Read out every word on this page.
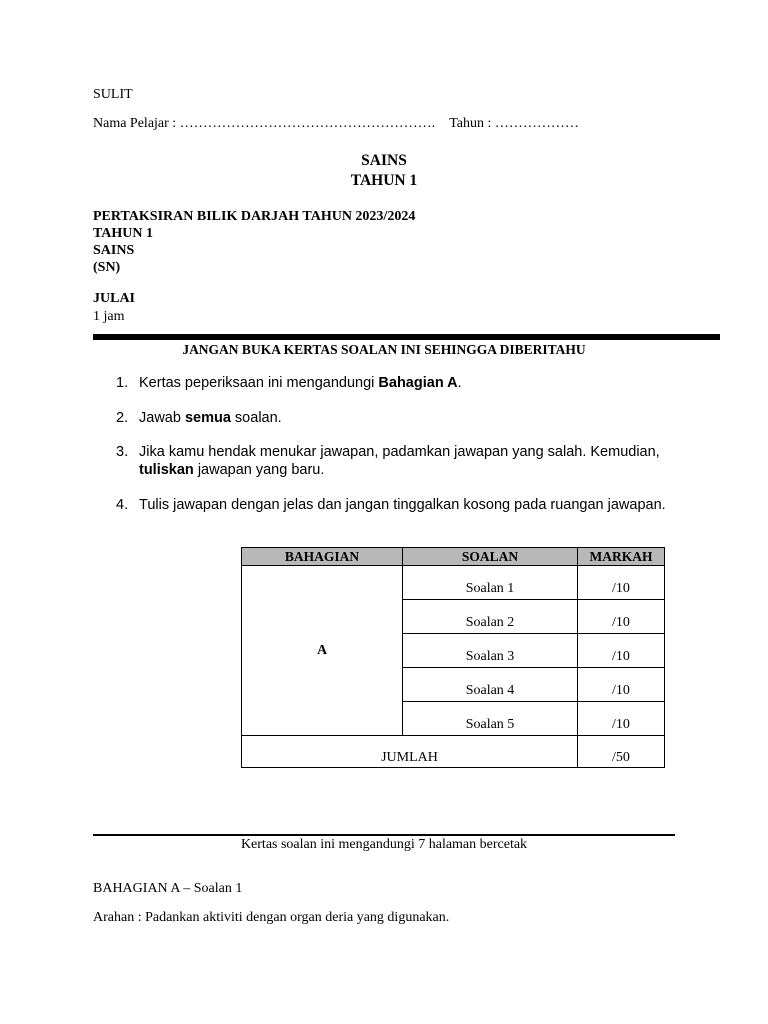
SULIT
Nama Pelajar : ………………………………………………. Tahun : ………………
SAINS
TAHUN 1
PERTAKSIRAN BILIK DARJAH TAHUN 2023/2024
TAHUN 1
SAINS
(SN)
JULAI
1 jam
JANGAN BUKA KERTAS SOALAN INI SEHINGGA DIBERITAHU
1. Kertas peperiksaan ini mengandungi Bahagian A.
2. Jawab semua soalan.
3. Jika kamu hendak menukar jawapan, padamkan jawapan yang salah. Kemudian, tuliskan jawapan yang baru.
4. Tulis jawapan dengan jelas dan jangan tinggalkan kosong pada ruangan jawapan.
BAHAGIAN	SOALAN	MARKAH
A	Soalan 1	/10
	Soalan 2	/10
	Soalan 3	/10
	Soalan 4	/10
	Soalan 5	/10
JUMLAH		/50
Kertas soalan ini mengandungi 7 halaman bercetak
BAHAGIAN A – Soalan 1
Arahan : Padankan aktiviti dengan organ deria yang digunakan.
